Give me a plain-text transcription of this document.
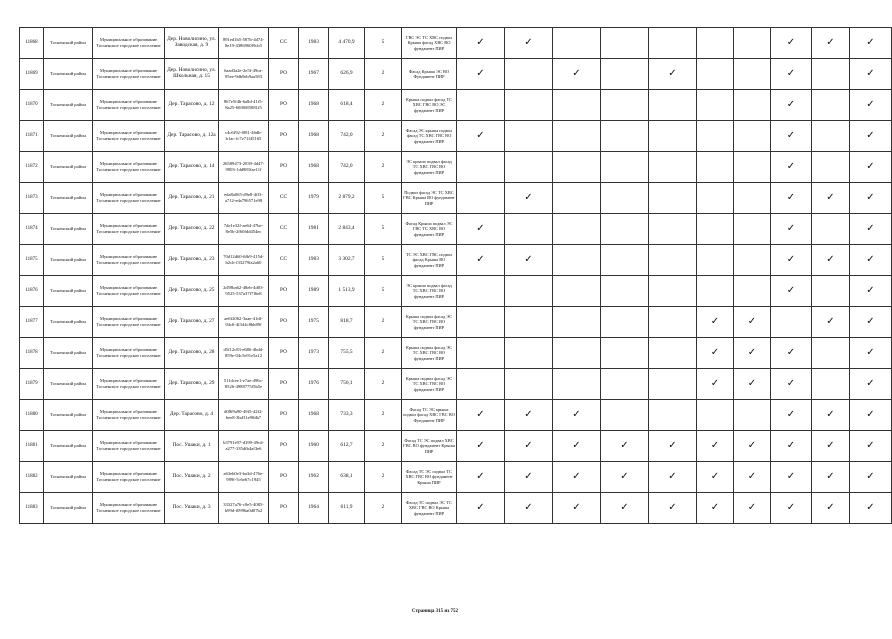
11868	Тосненский район	Муниципальное образование Тосненское городское поселение	Дер. Новолисино, ул. Заводская, д. 9	891ed1b5-587b-4d74-8e19-4386960f9cb5	СС	1983	4 470,9	5	ГВС ЭС ТС ХВС подвал Крыша фасад ХВС ВО фундамент ПИР	✓	✓						✓	✓	✓
11869	Тосненский район	Муниципальное образование Тосненское городское поселение	Дер. Новолисино, ул. Школьная, д. 15	6aad3a2e-2e5f-49ca-95ee-9db9eb9aa583	РО	1967	626,9	2	Фасад Крыша ЭС ВО Фундамент ПИР	✓		✓		✓			✓		✓
11870	Тосненский район	Муниципальное образование Тосненское городское поселение	Дер. Тарасово, д. 12	867e5f4b-6a8d-41f5-8a25-60f0685881f5	РО	1968	618,4	2	Крыша подвал фасад ТС ХВС ГВС ВО ЭС фундамент ПИР								✓		✓
11871	Тосненский район	Муниципальное образование Тосненское городское поселение	Дер. Тарасово, д. 12а	c4c6f92-f081-46db-b1ac-fc7e71f45165	РО	1968	742,0	2	Фасад ЭС крыша подвал фасад ТС ХВС ГВС ВО фундамент ПИР	✓							✓		✓
11872	Тосненский район	Муниципальное образование Тосненское городское поселение	Дер. Тарасово, д. 14	26589473-2039-4d47-9903-1dd883fae11f	РО	1968	742,0	2	ЭС крыша подвал фасад ТС ХВС ГВС ВО фундамент ПИР								✓		✓
11873	Тосненский район	Муниципальное образование Тосненское городское поселение	Дер. Тарасово, д. 21	eda8a065-d9e8-4ff3-a712-eda796571e98	СС	1979	2 879,2	5	Подвал фасад ЭС ТС ХВС ГВС Крыша ВО фундамент ПИР		✓						✓	✓	✓
11874	Тосненский район	Муниципальное образование Тосненское городское поселение	Дер. Тарасово, д. 22	7de1e32f-ae64-47be-8e5b-2f60fdd454ec	СС	1981	2 843,4	5	Фасад Крыша подвал ЭС ГВС ТС ХВС ВО фундамент ПИР	✓							✓		✓
11875	Тосненский район	Муниципальное образование Тосненское городское поселение	Дер. Тарасово, д. 23	70d12d60-6fb9-415d-b2cb-f33279fa2a60	СС	1983	3 302,7	5	ТС ЭС ХВС ГВС подвал фасад Крыша ВО фундамент ПИР	✓	✓						✓	✓	✓
11876	Тосненский район	Муниципальное образование Тосненское городское поселение	Дер. Тарасово, д. 25	2d59ba62-48eb-4d03-9525-537a37f7f6e8	РО	1989	1 513,9	5	ЭС крыша подвал фасад ТС ХВС ГВС ВО фундамент ПИР								✓		✓
11877	Тосненский район	Муниципальное образование Тосненское городское поселение	Дер. Тарасово, д. 27	ae6f2062-3aae-41df-94c6-4f344c8bb89f	РО	1975	818,7	2	Крыша подвал фасад ЭС ТС ХВС ГВС ВО фундамент ПИР						✓	✓		✓	✓
11878	Тосненский район	Муниципальное образование Тосненское городское поселение	Дер. Тарасово, д. 28	d5f12c83-e686-4bdd-859e-04c5e91e5a12	РО	1973	755,5	2	Крыша подвал фасад ЭС ТС ХВС ГВС ВО фундамент ПИР						✓	✓	✓		✓
11879	Тосненский район	Муниципальное образование Тосненское городское поселение	Дер. Тарасово, д. 29	511dcee1-e7ae-496c-8526-4988775f5b5e	РО	1976	756,1	2	Крыша подвал фасад ЭС ТС ХВС ГВС ВО фундамент ПИР						✓	✓	✓		✓
11880	Тосненский район	Муниципальное образование Тосненское городское поселение	Дер. Тарасово, д. 4	d08f9a90-49f5-42f2-bee8-3bd31e90db7	РО	1968	733,3	2	Фасад ТС ЭС крыша подвал фасад ХВС ГВС ВО Фундамент ПИР	✓	✓	✓					✓	✓	✓
11881	Тосненский район	Муниципальное образование Тосненское городское поселение	Пос. Ушаки, д. 1	b3791e97-d199-49cd-a277-335dfb4af3e6	РО	1960	612,7	2	Фасад ТС ЭС подвал ХВС ГВС ВО фундамент Крыша ПИР	✓	✓	✓	✓	✓	✓	✓	✓	✓	✓
11882	Тосненский район	Муниципальное образование Тосненское городское поселение	Пос. Ушаки, д. 2	a63eb0e3-ba3d-476e-989f-5c6e67c1945	РО	1962	638,1	2	Фасад ТС ЭС подвал ТС ХВС ГВС ВО фундамент Крыша ПИР	✓	✓	✓	✓	✓	✓	✓	✓	✓	✓
11883	Тосненский район	Муниципальное образование Тосненское городское поселение	Пос. Ушаки, д. 3	33327a76-c0e5-4085-b99d-f0996a0d07b2	РО	1964	611,9	2	Фасад ТС подвал ЭС ТС ХВС ГВС ВО Крыша фундамент ПИР	✓	✓	✓	✓	✓	✓	✓	✓	✓	✓
Страница 315 из 752
